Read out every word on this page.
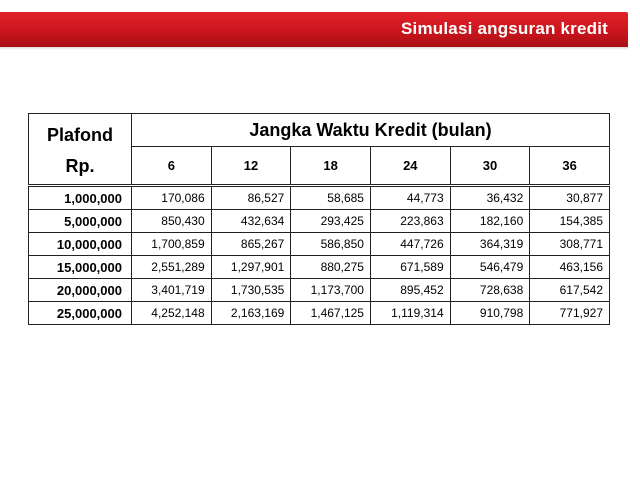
Simulasi angsuran kredit
Plafond
Rp.	Jangka Waktu Kredit (bulan)					
	6	12	18	24	30	36
1,000,000	170,086	86,527	58,685	44,773	36,432	30,877
5,000,000	850,430	432,634	293,425	223,863	182,160	154,385
10,000,000	1,700,859	865,267	586,850	447,726	364,319	308,771
15,000,000	2,551,289	1,297,901	880,275	671,589	546,479	463,156
20,000,000	3,401,719	1,730,535	1,173,700	895,452	728,638	617,542
25,000,000	4,252,148	2,163,169	1,467,125	1,119,314	910,798	771,927
